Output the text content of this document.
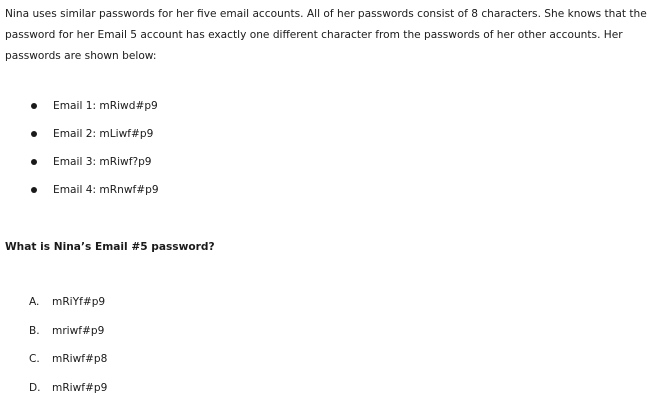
Nina uses similar passwords for her five email accounts. All of her passwords consist of 8 characters. She knows that the password for her Email 5 account has exactly one different character from the passwords of her other accounts. Her passwords are shown below:

Email 1: mRiwd#p9
Email 2: mLiwf#p9
Email 3: mRiwf?p9
Email 4: mRnwf#p9

What is Nina’s Email #5 password?

A. mRiYf#p9
B. mriwf#p9
C. mRiwf#p8
D. mRiwf#p9
